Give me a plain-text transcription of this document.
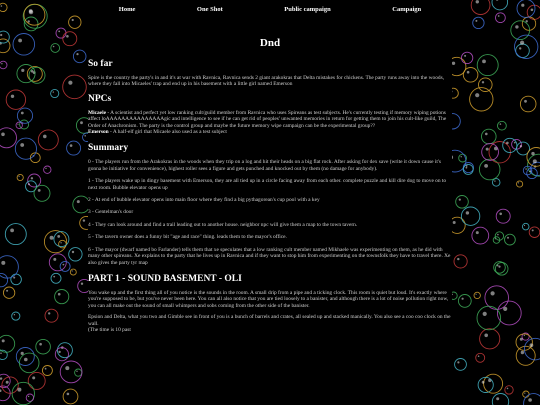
Home	One Shot	Public campaign	Campaign
Dnd
So far

Spire is the country the party's in and it's at war with Ravnica, Ravnica sends 2 giant arakokras that Delta mistakes for chickens. The party runs away into the woods, where they fall into Micaeles' trap and end up in his basement with a little girl named Emerson

NPCs
Micaele - A scientist and perfect yet low ranking cult/guild member from Ravnica who uses Spireans as test subjects. He's currently testing if memory wiping potions affect loAAAAAAAAAAAAAAAgic and intelligence to see if he can get rid of peoples' unwanted memories in return for getting them to join his cult-like guild, The Order of Anachronism. The party is the control group and maybe the future memory wipe campaign can be the experimental group??
Emerson - A half-elf girl that Micaele also used as a test subject
Summary

0 - The players run from the Arakokras in the woods when they trip on a log and hit their heads on a big flat rock. After asking for dex save (write it down cause it's gonna be initiative for convenience), highest roller sees a figure and gets punched and knocked out by them (no damage for anybody).

1 - The players wake up in dingy basement with Emerson, they are all tied up in a circle facing away from each other. complete puzzle and kill dire dog to move on to next room. Bubble elevator opens up

2 - At end of bubble elevator opens into main floor where they find a big pythagorean's cup pool with a key

3 - Gentelman's door

4 - They can look around and find a trail leading out to another house. neighbor npc will give them a map to the town tavern.

5 - The tavern owner does a funny bit "age and race" thing. leads them to the mayor's office.

6 - The mayor (dwarf named bo Farlander) tells them that xe speculates that a low ranking cult member named Mikhaele was experimenting on them, as he did with many other spireans. Xe explains to the party that he lives up in Ravnica and if they want to stop him from experimenting on the townsfolk they have to travel there. Xe also gives the party tyr map

PART 1 - SOUND BASEMENT - OLI

You wake up and the first thing all of you notice is the sounds in the room. A small drip from a pipe and a ticking clock. This room is quiet but loud. It's exactly where you're supposed to be, but you've never been here. You can all also notice that you are tied loosely to a banister, and although there is a lot of noise pollution right now, you can all make out the sound of small whimpers and sobs coming from the other side of the banister.

Epsion and Delta, what you two and Gimble see in front of you is a bunch of barrels and crates, all sealed up and stacked manically. You also see a coo coo clock on the wall.

(The time is 10 past
